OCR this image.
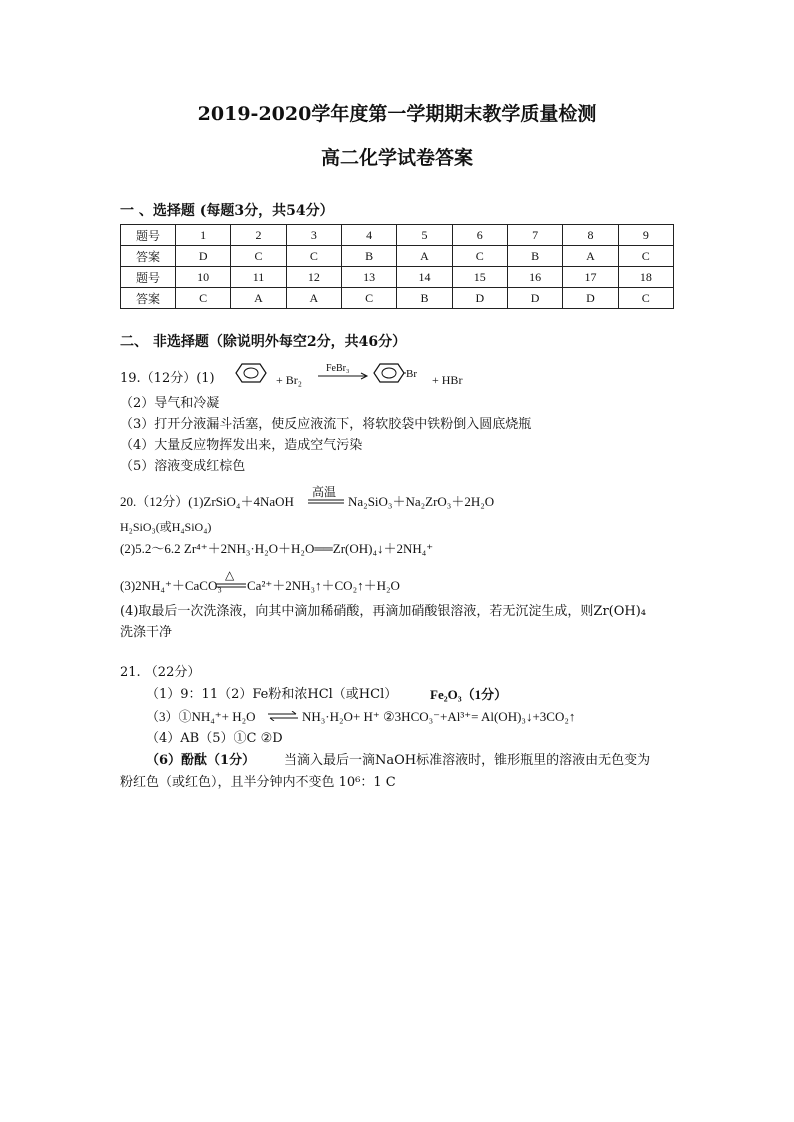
2019-2020学年度第一学期期末教学质量检测
高二化学试卷答案
一 、选择题 (每题3分，共54分）
题号	1	2	3	4	5	6	7	8	9
答案	D	C	C	B	A	C	B	A	C
题号	10	11	12	13	14	15	16	17	18
答案	C	A	A	C	B	D	D	D	C
二、 非选择题（除说明外每空2分，共46分）
19.（12分）(1)	+ Br₂
FeBr₃	Br + HBr
（2）导气和冷凝
（3）打开分液漏斗活塞，使反应液流下，将软胶袋中铁粉倒入圆底烧瓶
（4）大量反应物挥发出来，造成空气污染
（5）溶液变成红棕色
20.（12分）(1)ZrSiO₄＋4NaOH
高温
Na₂SiO₃＋Na₂ZrO₃＋2H₂O
H₂SiO₃(或H₄SiO₄)
(2)5.2～6.2 Zr⁴⁺＋2NH₃·H₂O＋H₂O══Zr(OH)₄↓＋2NH₄⁺
(3)2NH₄⁺＋CaCO₃
△
Ca²⁺＋2NH₃↑＋CO₂↑＋H₂O
(4)取最后一次洗涤液，向其中滴加稀硝酸，再滴加硝酸银溶液，若无沉淀生成，则Zr(OH)₄
洗涤干净
21. （22分）
（1）9：11（2）Fe粉和浓HCl（或HCl）	Fe₂O₃（1分）
（3）①NH₄⁺+ H₂O ⇌ NH₃·H₂O+ H⁺ ②3HCO₃⁻+Al³⁺= Al(OH)₃↓+3CO₂↑
（4）AB（5）①C ②D
（6）酚酞（1分） 当滴入最后一滴NaOH标准溶液时，锥形瓶里的溶液由无色变为
粉红色（或红色），且半分钟内不变色 10⁶：1 C
